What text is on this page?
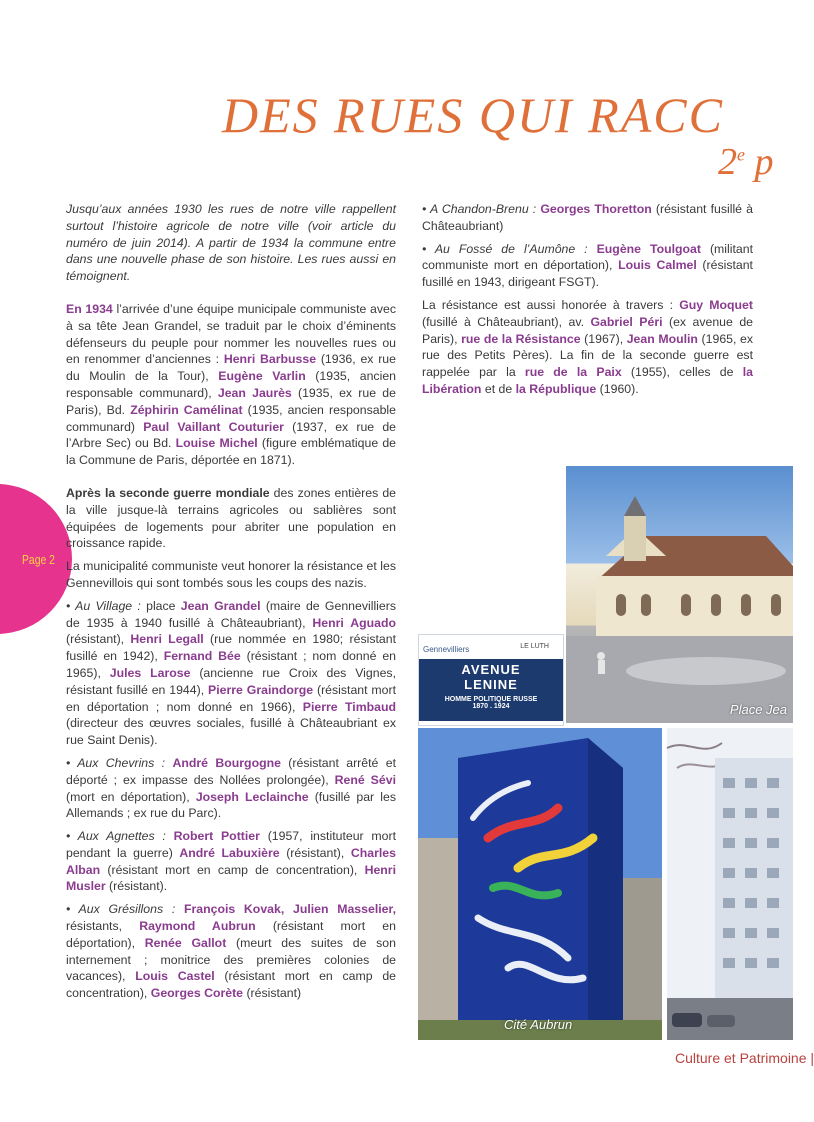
DES RUES QUI RACC
2e p
Page 2

Jusqu’aux années 1930 les rues de notre ville rappellent surtout l’histoire agricole de notre ville (voir article du numéro de juin 2014). A partir de 1934 la commune entre dans une nouvelle phase de son histoire. Les rues aussi en témoignent.

En 1934 l’arrivée d’une équipe municipale communiste avec à sa tête Jean Grandel, se traduit par le choix d’éminents défenseurs du peuple pour nommer les nouvelles rues ou en renommer d’anciennes : Henri Barbusse (1936, ex rue du Moulin de la Tour), Eugène Varlin (1935, ancien responsable communard), Jean Jaurès (1935, ex rue de Paris), Bd. Zéphirin Camélinat (1935, ancien responsable communard) Paul Vaillant Couturier (1937, ex rue de l’Arbre Sec) ou Bd. Louise Michel (figure emblématique de la Commune de Paris, déportée en 1871).

Après la seconde guerre mondiale des zones entières de la ville jusque-là terrains agricoles ou sablières sont équipées de logements pour abriter une population en croissance rapide.

La municipalité communiste veut honorer la résistance et les Gennevillois qui sont tombés sous les coups des nazis.

• Au Village : place Jean Grandel (maire de Gennevilliers de 1935 à 1940 fusillé à Châteaubriant), Henri Aguado (résistant), Henri Legall (rue nommée en 1980; résistant fusillé en 1942), Fernand Bée (résistant ; nom donné en 1965), Jules Larose (ancienne rue Croix des Vignes, résistant fusillé en 1944), Pierre Graindorge (résistant mort en déportation ; nom donné en 1966), Pierre Timbaud (directeur des œuvres sociales, fusillé à Châteaubriant ex rue Saint Denis).

• Aux Chevrins : André Bourgogne (résistant arrêté et déporté ; ex impasse des Nollées prolongée), René Sévi (mort en déportation), Joseph Leclainche (fusillé par les Allemands ; ex rue du Parc).

• Aux Agnettes : Robert Pottier (1957, instituteur mort pendant la guerre) André Labuxière (résistant), Charles Alban (résistant mort en camp de concentration), Henri Musler (résistant).

• Aux Grésillons : François Kovak, Julien Masselier, résistants, Raymond Aubrun (résistant mort en déportation), Renée Gallot (meurt des suites de son internement ; monitrice des premières colonies de vacances), Louis Castel (résistant mort en camp de concentration), Georges Corète (résistant)

• A Chandon-Brenu : Georges Thoretton (résistant fusillé à Châteaubriant)

• Au Fossé de l’Aumône : Eugène Toulgoat (militant communiste mort en déportation), Louis Calmel (résistant fusillé en 1943, dirigeant FSGT).

La résistance est aussi honorée à travers : Guy Moquet (fusillé à Châteaubriant), av. Gabriel Péri (ex avenue de Paris), rue de la Résistance (1967), Jean Moulin (1965, ex rue des Petits Pères). La fin de la seconde guerre est rappelée par la rue de la Paix (1955), celles de la Libération et de la République (1960).

Place Jea
Gennevilliers	LE LUTH
AVENUE
LENINE
HOMME POLITIQUE RUSSE
1870 . 1924
Cité Aubrun
Culture et Patrimoine |
